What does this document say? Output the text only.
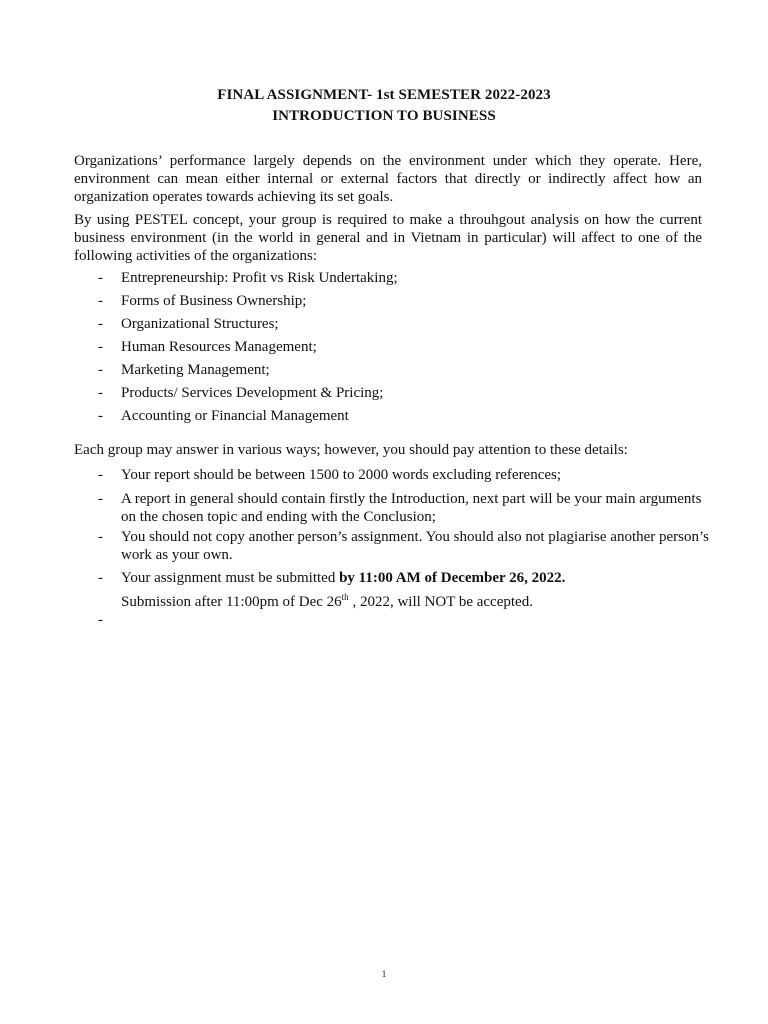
FINAL ASSIGNMENT- 1st SEMESTER 2022-2023
INTRODUCTION TO BUSINESS

Organizations’ performance largely depends on the environment under which they operate. Here, environment can mean either internal or external factors that directly or indirectly affect how an organization operates towards achieving its set goals.

By using PESTEL concept, your group is required to make a throuhgout analysis on how the current business environment (in the world in general and in Vietnam in particular) will affect to one of the following activities of the organizations:

- Entrepreneurship: Profit vs Risk Undertaking;
- Forms of Business Ownership;
- Organizational Structures;
- Human Resources Management;
- Marketing Management;
- Products/ Services Development & Pricing;
- Accounting or Financial Management

Each group may answer in various ways; however, you should pay attention to these details:

- Your report should be between 1500 to 2000 words excluding references;
- A report in general should contain firstly the Introduction, next part will be your main arguments on the chosen topic and ending with the Conclusion;
- You should not copy another person’s assignment. You should also not plagiarise another person’s work as your own.
- Your assignment must be submitted by 11:00 AM of December 26, 2022.
Submission after 11:00pm of Dec 26th , 2022, will NOT be accepted.
-
1
